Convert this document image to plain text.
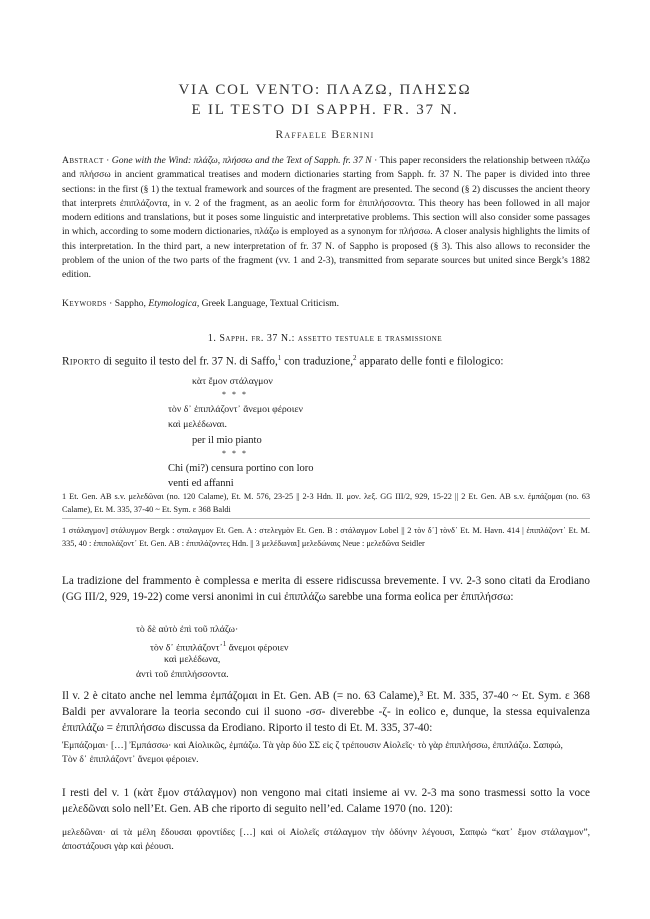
VIA COL VENTO: ΠΛΑΖΩ, ΠΛΗΣΣΩ
E IL TESTO DI SAPPH. FR. 37 N.
Raffaele Bernini
Abstract · Gone with the Wind: πλάζω, πλήσσω and the Text of Sapph. fr. 37 N · This paper reconsiders the relationship between πλάζω and πλήσσω in ancient grammatical treatises and modern dictionaries starting from Sapph. fr. 37 N. The paper is divided into three sections: in the first (§ 1) the textual framework and sources of the fragment are presented. The second (§ 2) discusses the ancient theory that interprets ἐπιπλάζοντα, in v. 2 of the fragment, as an aeolic form for ἐπιπλήσσοντα. This theory has been followed in all major modern editions and translations, but it poses some linguistic and interpretative problems. This section will also consider some passages in which, according to some modern dictionaries, πλάζω is employed as a synonym for πλήσσω. A closer analysis highlights the limits of this interpretation. In the third part, a new interpretation of fr. 37 N. of Sappho is proposed (§ 3). This also allows to reconsider the problem of the union of the two parts of the fragment (vv. 1 and 2-3), transmitted from separate sources but united since Bergk’s 1882 edition.
Keywords · Sappho, Etymologica, Greek Language, Textual Criticism.
1. Sapph. fr. 37 N.: assetto testuale e trasmissione
Riporto di seguito il testo del fr. 37 N. di Saffo,$^1$ con traduzione,$^2$ apparato delle fonti e filologico:
κὰτ ἔμον στάλαγμον
* * *
τὸν δ᾽ ἐπιπλάζοντ᾽ ἄνεμοι φέροιεν
καὶ μελέδωναι.
per il mio pianto
* * *
Chi (mi?) censura portino con loro
venti ed affanni
1 Et. Gen. AB s.v. μελεδῶναι (no. 120 Calame), Et. M. 576, 23-25 || 2-3 Hdn. II. μον. λεξ. GG III/2, 929, 15-22 || 2 Et. Gen. AB s.v. ἐμπάζομαι (no. 63 Calame), Et. M. 335, 37-40 ~ Et. Sym. ε 368 Baldi
1 στάλαγμον] στάλυγμον Bergk : σταλαγμον Et. Gen. A : στελεγμὸν Et. Gen. B : στάλαγμον Lobel || 2 τὸν δ᾽] τὸνδ᾽ Et. M. Havn. 414 | ἐπιπλάζοντ᾽ Et. M. 335, 40 : ἐπιπολάζοντ᾽ Et. Gen. AB : ἐπιπλάζοντες Hdn. || 3 μελέδωναι] μελεδώναις Neue : μελεδῶνα Seidler
La tradizione del frammento è complessa e merita di essere ridiscussa brevemente. I vv. 2-3 sono citati da Erodiano (GG III/2, 929, 19-22) come versi anonimi in cui ἐπιπλάζω sarebbe una forma eolica per ἐπιπλήσσω:
τὸ δὲ αὐτὸ ἐπὶ τοῦ πλάζω·
τὸν δ᾽ ἐπιπλάζοντ᾽$^1$ ἄνεμοι φέροιεν
καὶ μελέδωνα,
ἀντὶ τοῦ ἐπιπλήσσοντα.
Il v. 2 è citato anche nel lemma ἐμπάζομαι in Et. Gen. AB (= no. 63 Calame),³ Et. M. 335, 37-40 ~ Et. Sym. ε 368 Baldi per avvalorare la teoria secondo cui il suono -σσ- diverebbe -ζ- in eolico e, dunque, la stessa equivalenza ἐπιπλάζω = ἐπιπλήσσω discussa da Erodiano. Riporto il testo di Et. M. 335, 37-40:
Ἐμπάζομαι· […] Ἐμπάσσω· καὶ Αἰολικῶς, ἐμπάζω. Τὰ γὰρ δύο ΣΣ εἰς ζ τρέπουσιν Αἰολεῖς· τὸ γὰρ ἐπιπλήσσω, ἐπιπλάζω. Σαπφώ,
Τὸν δ᾽ ἐπιπλάζοντ᾽ ἄνεμοι φέροιεν.
I resti del v. 1 (κὰτ ἔμον στάλαγμον) non vengono mai citati insieme ai vv. 2-3 ma sono trasmessi sotto la voce μελεδῶναι solo nell’Et. Gen. AB che riporto di seguito nell’ed. Calame 1970 (no. 120):
μελεδῶναι· αἱ τὰ μέλη ἔδουσαι φροντίδες […] καὶ οἱ Αἰολεῖς στάλαγμον τὴν ὀδύνην λέγουσι, Σαπφὼ “κατ᾽ ἔμον στάλαγμον”, ἀποστάζουσι γὰρ καὶ ῥέουσι.
